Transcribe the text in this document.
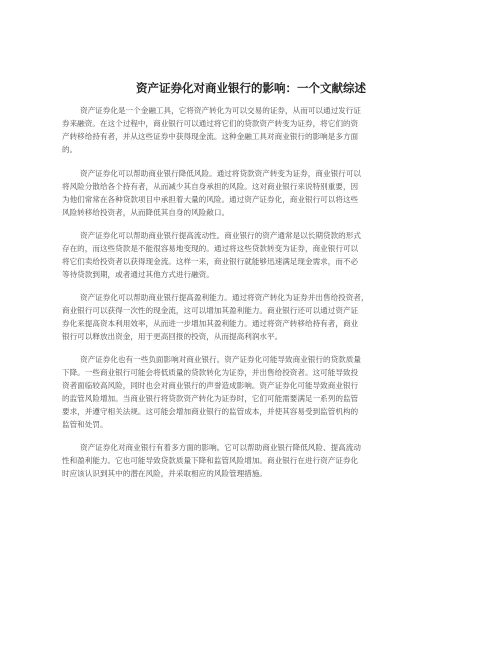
资产证券化对商业银行的影响：一个文献综述
资产证券化是一个金融工具，它将资产转化为可以交易的证券，从而可以通过发行证
券来融资。在这个过程中，商业银行可以通过将它们的贷款资产转变为证券，将它们的资
产转移给持有者，并从这些证券中获得现金流。这种金融工具对商业银行的影响是多方面
的。
资产证券化可以帮助商业银行降低风险。通过将贷款资产转变为证券，商业银行可以
将风险分散给各个持有者，从而减少其自身承担的风险。这对商业银行来说特别重要，因
为他们常常在各种贷款项目中承担着大量的风险。通过资产证券化，商业银行可以将这些
风险转移给投资者，从而降低其自身的风险敞口。
资产证券化可以帮助商业银行提高流动性。商业银行的资产通常是以长期贷款的形式
存在的，而这些贷款是不能很容易地变现的。通过将这些贷款转变为证券，商业银行可以
将它们卖给投资者以获得现金流。这样一来，商业银行就能够迅速满足现金需求，而不必
等待贷款到期，或者通过其他方式进行融资。
资产证券化可以帮助商业银行提高盈利能力。通过将资产转化为证券并出售给投资者，
商业银行可以获得一次性的现金流，这可以增加其盈利能力。商业银行还可以通过资产证
券化来提高资本利用效率，从而进一步增加其盈利能力。通过将资产转移给持有者，商业
银行可以释放出资金，用于更高回报的投资，从而提高利润水平。
资产证券化也有一些负面影响对商业银行。资产证券化可能导致商业银行的贷款质量
下降。一些商业银行可能会将低质量的贷款转化为证券，并出售给投资者。这可能导致投
资者面临较高风险，同时也会对商业银行的声誉造成影响。资产证券化可能导致商业银行
的监管风险增加。当商业银行将贷款资产转化为证券时，它们可能需要满足一系列的监管
要求，并遵守相关法规。这可能会增加商业银行的监管成本，并使其容易受到监管机构的
监管和处罚。
资产证券化对商业银行有着多方面的影响。它可以帮助商业银行降低风险、提高流动
性和盈利能力。它也可能导致贷款质量下降和监管风险增加。商业银行在进行资产证券化
时应该认识到其中的潜在风险，并采取相应的风险管理措施。
